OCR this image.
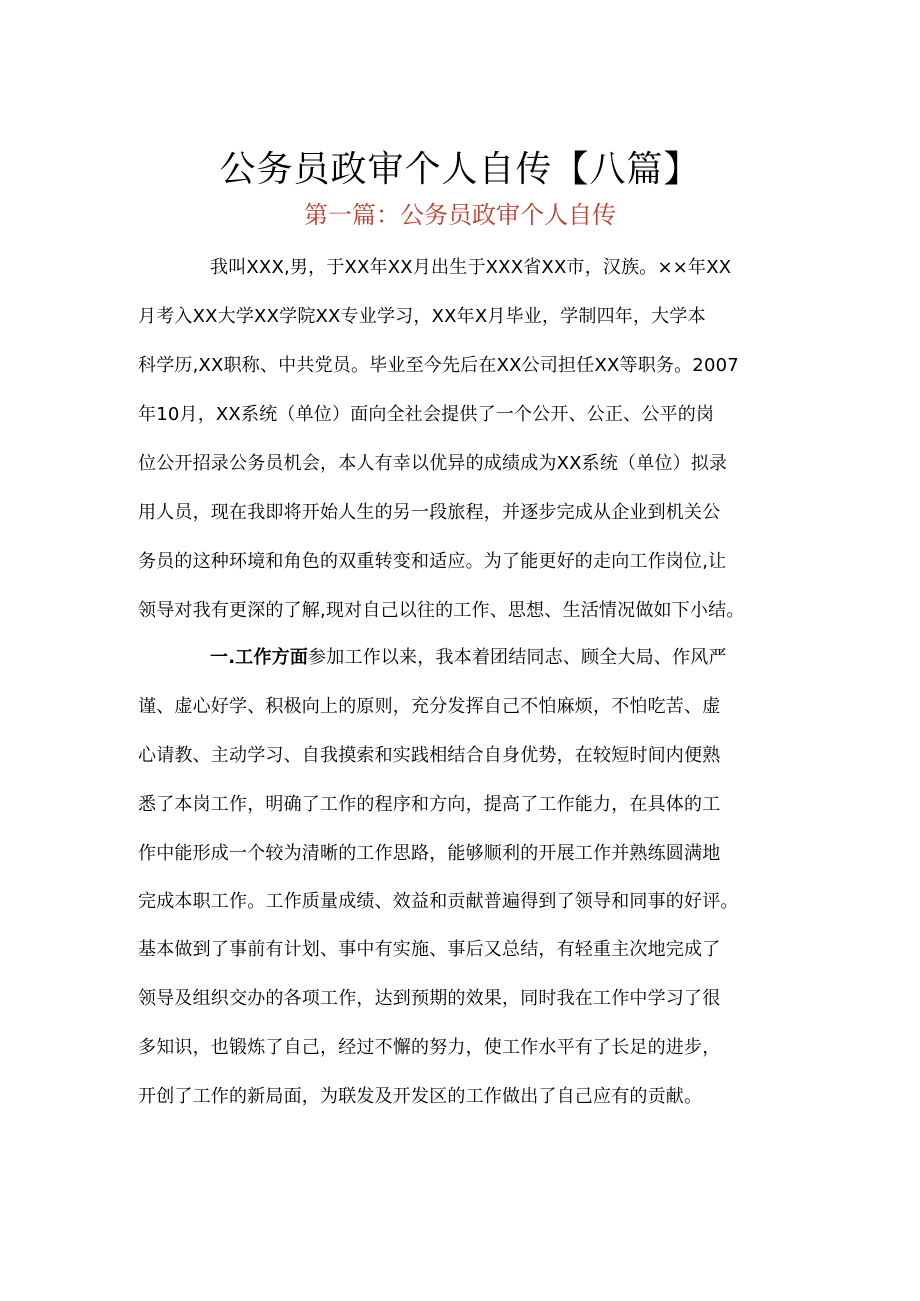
公务员政审个人自传【八篇】
第一篇：公务员政审个人自传
我叫XXX,男，于XX年XX月出生于XXX省XX市，汉族。××年XX
月考入XX大学XX学院XX专业学习，XX年X月毕业，学制四年，大学本
科学历,XX职称、中共党员。毕业至今先后在XX公司担任XX等职务。2007
年10月，XX系统（单位）面向全社会提供了一个公开、公正、公平的岗
位公开招录公务员机会，本人有幸以优异的成绩成为XX系统（单位）拟录
用人员，现在我即将开始人生的另一段旅程，并逐步完成从企业到机关公
务员的这种环境和角色的双重转变和适应。为了能更好的走向工作岗位,让
领导对我有更深的了解,现对自己以往的工作、思想、生活情况做如下小结。
一.工作方面参加工作以来，我本着团结同志、顾全大局、作风严
谨、虚心好学、积极向上的原则，充分发挥自己不怕麻烦，不怕吃苦、虚
心请教、主动学习、自我摸索和实践相结合自身优势，在较短时间内便熟
悉了本岗工作，明确了工作的程序和方向，提高了工作能力，在具体的工
作中能形成一个较为清晰的工作思路，能够顺利的开展工作并熟练圆满地
完成本职工作。工作质量成绩、效益和贡献普遍得到了领导和同事的好评。
基本做到了事前有计划、事中有实施、事后又总结，有轻重主次地完成了
领导及组织交办的各项工作，达到预期的效果，同时我在工作中学习了很
多知识，也锻炼了自己，经过不懈的努力，使工作水平有了长足的进步，
开创了工作的新局面，为联发及开发区的工作做出了自己应有的贡献。
